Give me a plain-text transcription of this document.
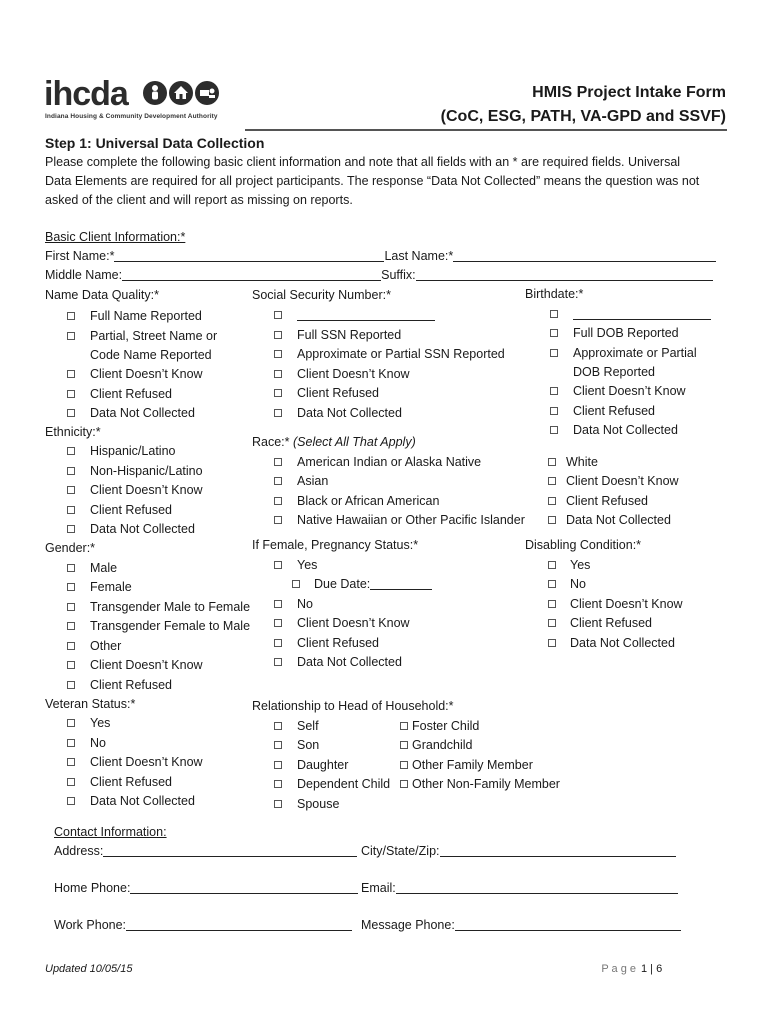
ihcda
Indiana Housing & Community Development Authority
HMIS Project Intake Form
(CoC, ESG, PATH, VA-GPD and SSVF)
Step 1: Universal Data Collection
Please complete the following basic client information and note that all fields with an * are required fields. Universal
Data Elements are required for all project participants. The response “Data Not Collected” means the question was not
asked of the client and will report as missing on reports.
Basic Client Information:*
First Name:*	Last Name:*
Middle Name:	Suffix:
Name Data Quality:*
Full Name Reported
Partial, Street Name or
Code Name Reported
Client Doesn’t Know
Client Refused
Data Not Collected
Social Security Number:*
Full SSN Reported
Approximate or Partial SSN Reported
Client Doesn’t Know
Client Refused
Data Not Collected
Birthdate:*
Full DOB Reported
Approximate or Partial
DOB Reported
Client Doesn’t Know
Client Refused
Data Not Collected
Ethnicity:*
Hispanic/Latino
Non-Hispanic/Latino
Client Doesn’t Know
Client Refused
Data Not Collected
Race:* (Select All That Apply)
American Indian or Alaska Native
Asian
Black or African American
Native Hawaiian or Other Pacific Islander
White
Client Doesn’t Know
Client Refused
Data Not Collected
Gender:*
Male
Female
Transgender Male to Female
Transgender Female to Male
Other
Client Doesn’t Know
Client Refused
If Female, Pregnancy Status:*
Yes
Due Date:
No
Client Doesn’t Know
Client Refused
Data Not Collected
Disabling Condition:*
Yes
No
Client Doesn’t Know
Client Refused
Data Not Collected
Veteran Status:*
Yes
No
Client Doesn’t Know
Client Refused
Data Not Collected
Relationship to Head of Household:*
Self
Son
Daughter
Dependent Child
Spouse
Foster Child
Grandchild
Other Family Member
Other Non-Family Member
Contact Information:
Address:	City/State/Zip:
Home Phone:	Email:
Work Phone:	Message Phone:
Updated 10/05/15	P a g e 1 | 6
